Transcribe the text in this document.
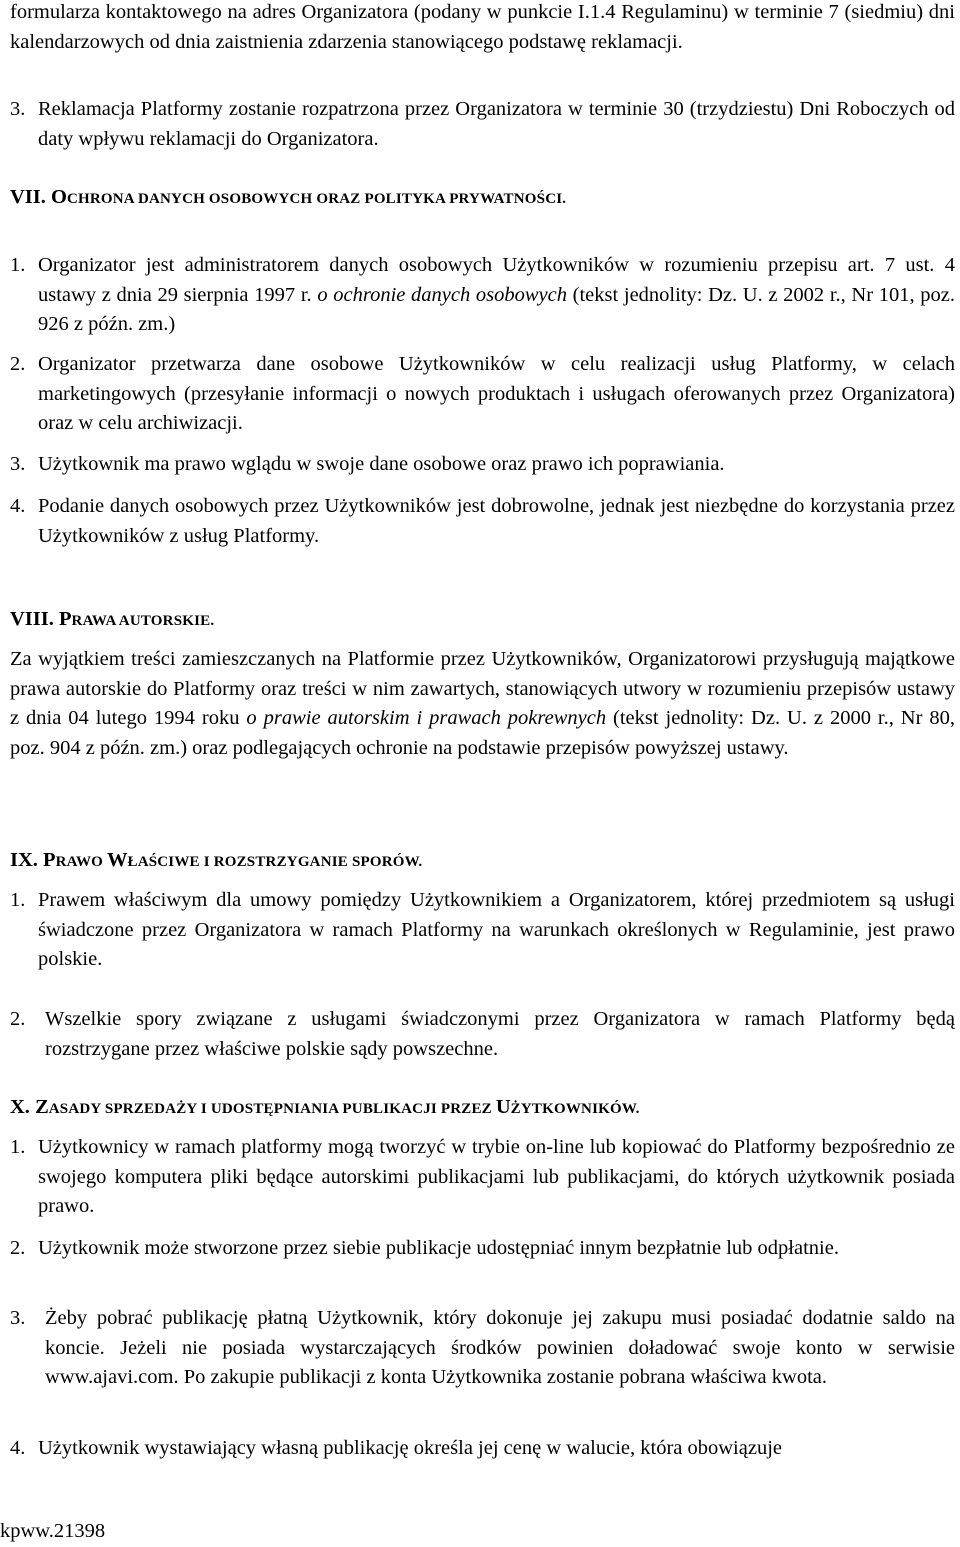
formularza kontaktowego na adres Organizatora (podany w punkcie I.1.4 Regulaminu) w terminie 7 (siedmiu) dni kalendarzowych od dnia zaistnienia zdarzenia stanowiącego podstawę reklamacji.

3. Reklamacja Platformy zostanie rozpatrzona przez Organizatora w terminie 30 (trzydziestu) Dni Roboczych od daty wpływu reklamacji do Organizatora.
VII. OCHRONA DANYCH OSOBOWYCH ORAZ POLITYKA PRYWATNOŚCI.
1. Organizator jest administratorem danych osobowych Użytkowników w rozumieniu przepisu art. 7 ust. 4 ustawy z dnia 29 sierpnia 1997 r. o ochronie danych osobowych (tekst jednolity: Dz. U. z 2002 r., Nr 101, poz. 926 z późn. zm.)
2. Organizator przetwarza dane osobowe Użytkowników w celu realizacji usług Platformy, w celach marketingowych (przesyłanie informacji o nowych produktach i usługach oferowanych przez Organizatora) oraz w celu archiwizacji.
3. Użytkownik ma prawo wglądu w swoje dane osobowe oraz prawo ich poprawiania.
4. Podanie danych osobowych przez Użytkowników jest dobrowolne, jednak jest niezbędne do korzystania przez Użytkowników z usług Platformy.
VIII. PRAWA AUTORSKIE.

Za wyjątkiem treści zamieszczanych na Platformie przez Użytkowników, Organizatorowi przysługują majątkowe prawa autorskie do Platformy oraz treści w nim zawartych, stanowiących utwory w rozumieniu przepisów ustawy z dnia 04 lutego 1994 roku o prawie autorskim i prawach pokrewnych (tekst jednolity: Dz. U. z 2000 r., Nr 80, poz. 904 z późn. zm.) oraz podlegających ochronie na podstawie przepisów powyższej ustawy.

IX. PRAWO WŁAŚCIWE I ROZSTRZYGANIE SPORÓW.
1. Prawem właściwym dla umowy pomiędzy Użytkownikiem a Organizatorem, której przedmiotem są usługi świadczone przez Organizatora w ramach Platformy na warunkach określonych w Regulaminie, jest prawo polskie.
2. Wszelkie spory związane z usługami świadczonymi przez Organizatora w ramach Platformy będą rozstrzygane przez właściwe polskie sądy powszechne.
X. ZASADY SPRZEDAŻY I UDOSTĘPNIANIA PUBLIKACJI PRZEZ UŻYTKOWNIKÓW.
1. Użytkownicy w ramach platformy mogą tworzyć w trybie on-line lub kopiować do Platformy bezpośrednio ze swojego komputera pliki będące autorskimi publikacjami lub publikacjami, do których użytkownik posiada prawo.
2. Użytkownik może stworzone przez siebie publikacje udostępniać innym bezpłatnie lub odpłatnie.
3. Żeby pobrać publikację płatną Użytkownik, który dokonuje jej zakupu musi posiadać dodatnie saldo na koncie. Jeżeli nie posiada wystarczających środków powinien doładować swoje konto w serwisie www.ajavi.com. Po zakupie publikacji z konta Użytkownika zostanie pobrana właściwa kwota.
4. Użytkownik wystawiający własną publikację określa jej cenę w walucie, która obowiązuje
kpww.21398
